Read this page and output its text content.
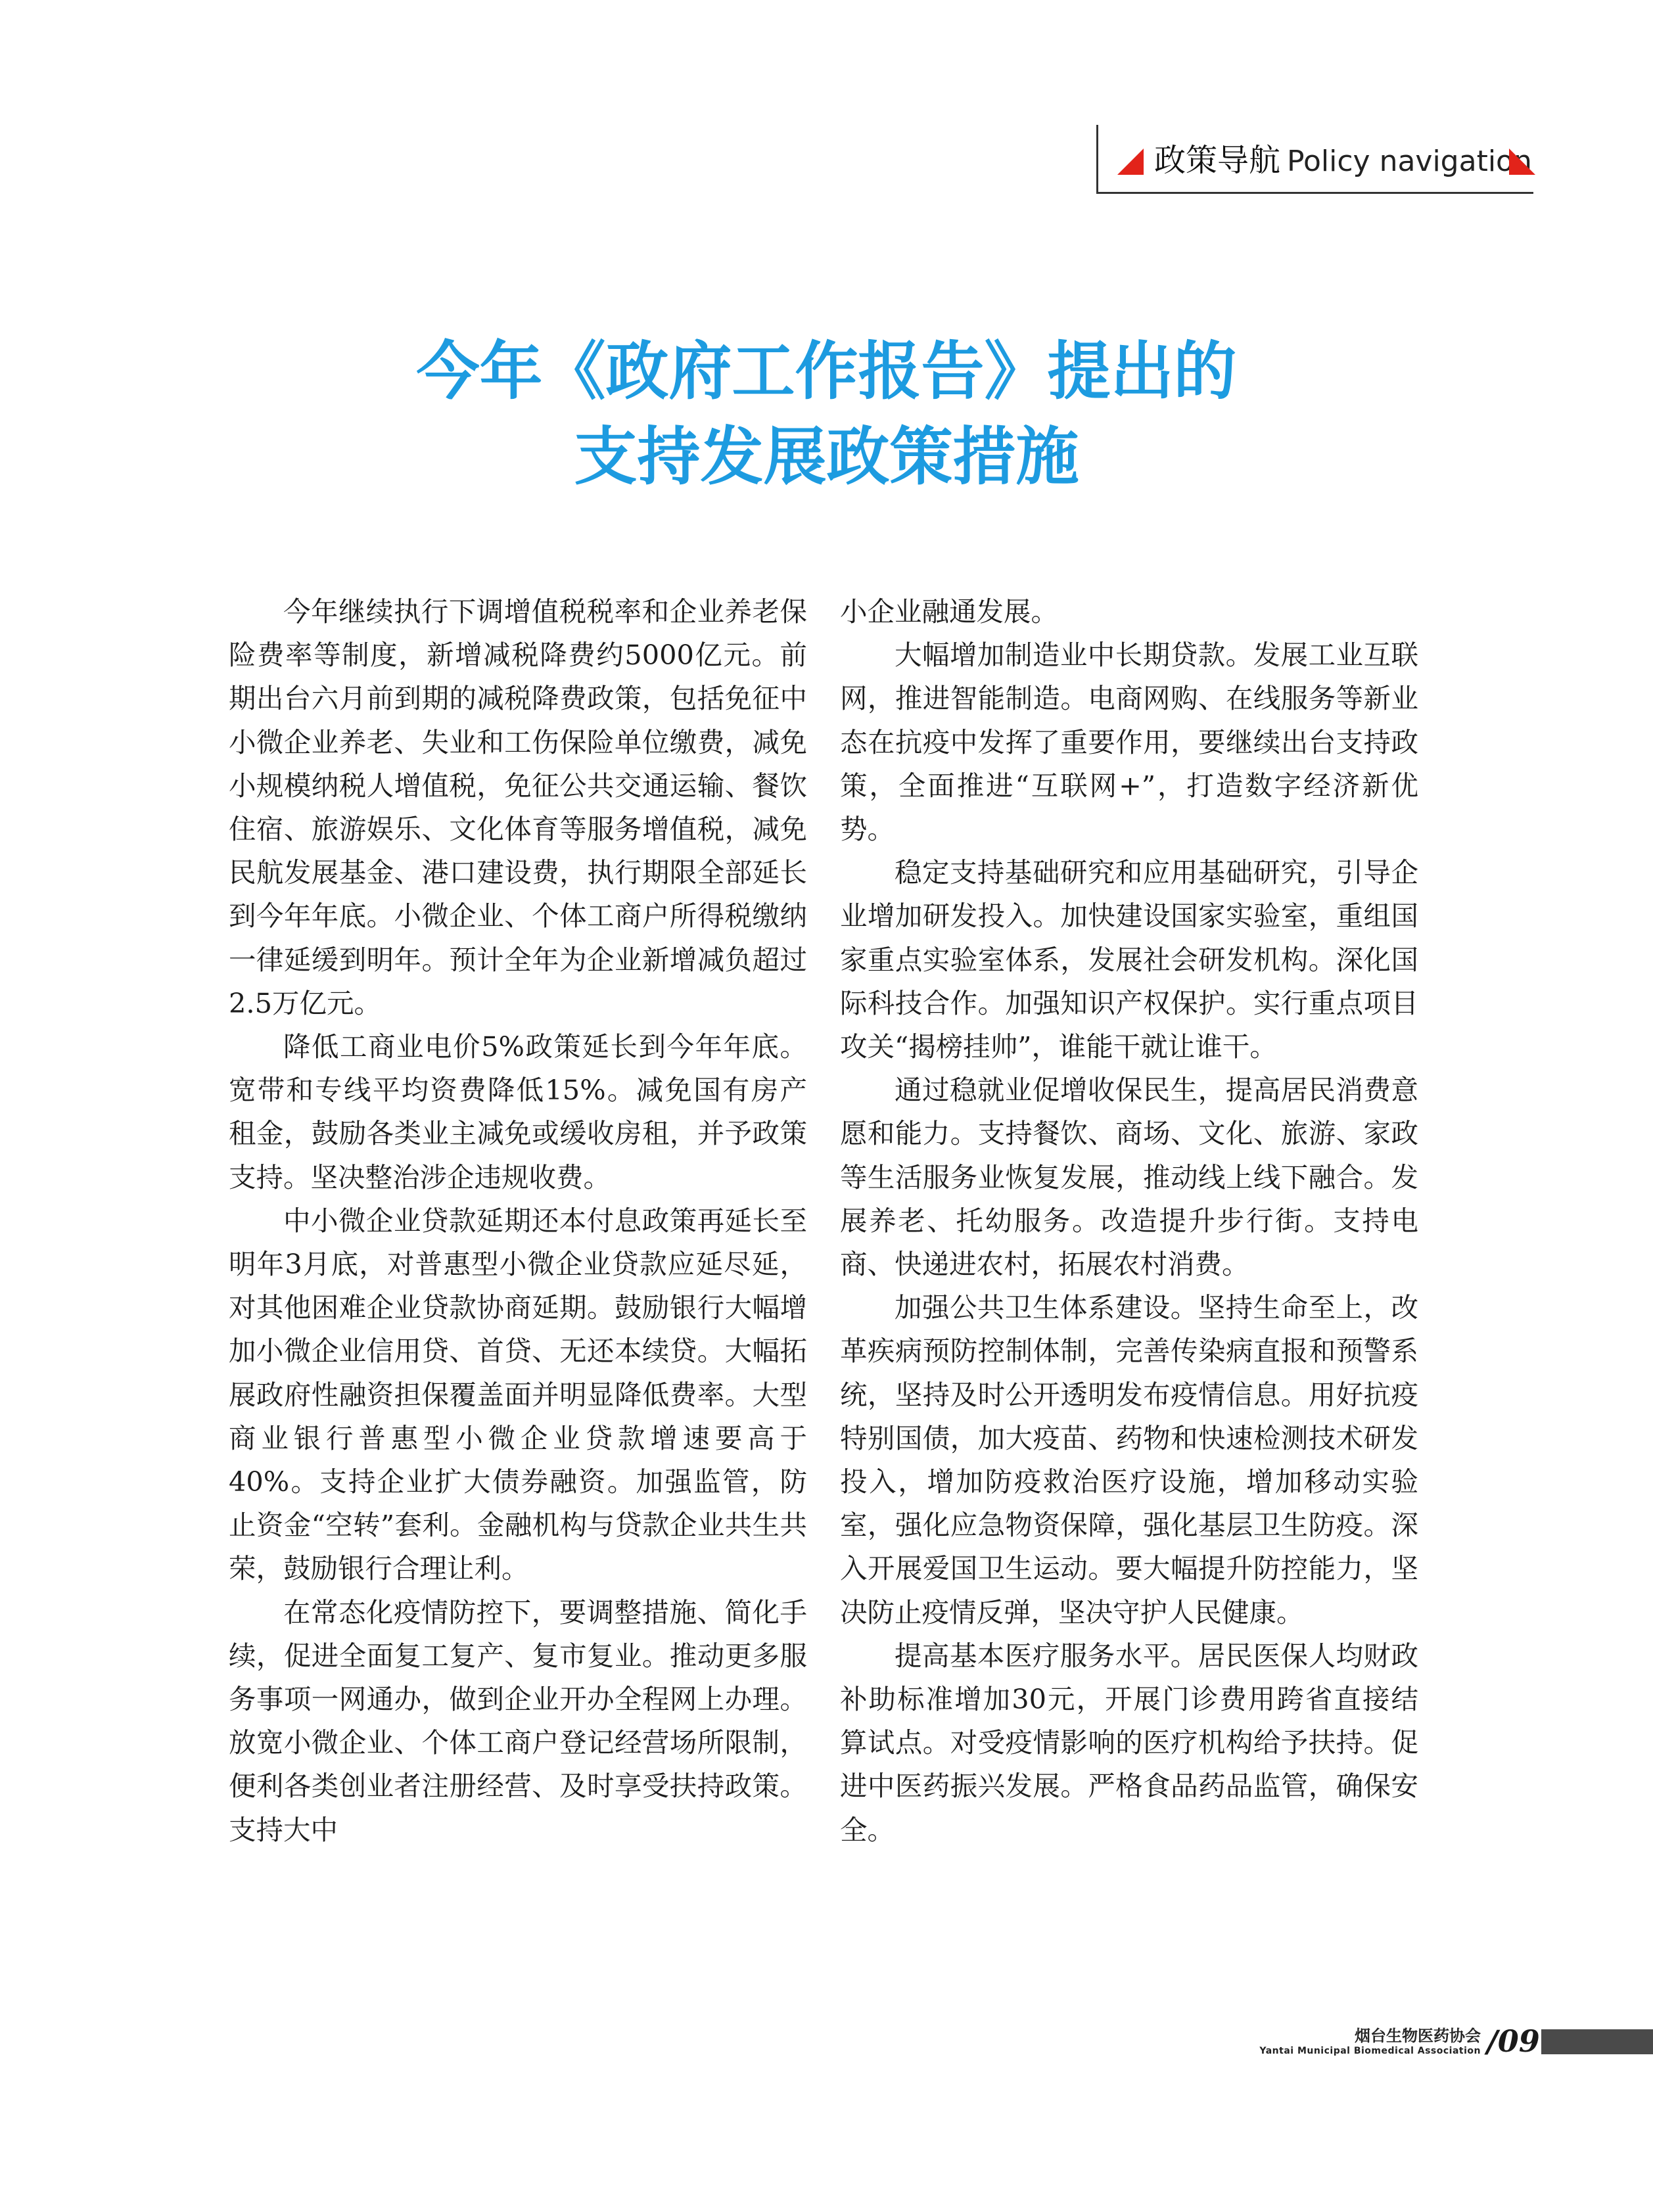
政策导航 Policy navigation
今年《政府工作报告》提出的
支持发展政策措施

今年继续执行下调增值税税率和企业养老保险费率等制度，新增减税降费约5000亿元。前期出台六月前到期的减税降费政策，包括免征中小微企业养老、失业和工伤保险单位缴费，减免小规模纳税人增值税，免征公共交通运输、餐饮住宿、旅游娱乐、文化体育等服务增值税，减免民航发展基金、港口建设费，执行期限全部延长到今年年底。小微企业、个体工商户所得税缴纳一律延缓到明年。预计全年为企业新增减负超过2.5万亿元。

降低工商业电价5%政策延长到今年年底。宽带和专线平均资费降低15%。减免国有房产租金，鼓励各类业主减免或缓收房租，并予政策支持。坚决整治涉企违规收费。

中小微企业贷款延期还本付息政策再延长至明年3月底，对普惠型小微企业贷款应延尽延，对其他困难企业贷款协商延期。鼓励银行大幅增加小微企业信用贷、首贷、无还本续贷。大幅拓展政府性融资担保覆盖面并明显降低费率。大型商业银行普惠型小微企业贷款增速要高于40%。支持企业扩大债券融资。加强监管，防止资金“空转”套利。金融机构与贷款企业共生共荣，鼓励银行合理让利。

在常态化疫情防控下，要调整措施、简化手续，促进全面复工复产、复市复业。推动更多服务事项一网通办，做到企业开办全程网上办理。放宽小微企业、个体工商户登记经营场所限制，便利各类创业者注册经营、及时享受扶持政策。支持大中

小企业融通发展。

大幅增加制造业中长期贷款。发展工业互联网，推进智能制造。电商网购、在线服务等新业态在抗疫中发挥了重要作用，要继续出台支持政策，全面推进“互联网+”，打造数字经济新优势。

稳定支持基础研究和应用基础研究，引导企业增加研发投入。加快建设国家实验室，重组国家重点实验室体系，发展社会研发机构。深化国际科技合作。加强知识产权保护。实行重点项目攻关“揭榜挂帅”，谁能干就让谁干。

通过稳就业促增收保民生，提高居民消费意愿和能力。支持餐饮、商场、文化、旅游、家政等生活服务业恢复发展，推动线上线下融合。发展养老、托幼服务。改造提升步行街。支持电商、快递进农村，拓展农村消费。

加强公共卫生体系建设。坚持生命至上，改革疾病预防控制体制，完善传染病直报和预警系统，坚持及时公开透明发布疫情信息。用好抗疫特别国债，加大疫苗、药物和快速检测技术研发投入，增加防疫救治医疗设施，增加移动实验室，强化应急物资保障，强化基层卫生防疫。深入开展爱国卫生运动。要大幅提升防控能力，坚决防止疫情反弹，坚决守护人民健康。

提高基本医疗服务水平。居民医保人均财政补助标准增加30元，开展门诊费用跨省直接结算试点。对受疫情影响的医疗机构给予扶持。促进中医药振兴发展。严格食品药品监管，确保安全。

烟台生物医药协会
Yantai Municipal Biomedical Association /09
